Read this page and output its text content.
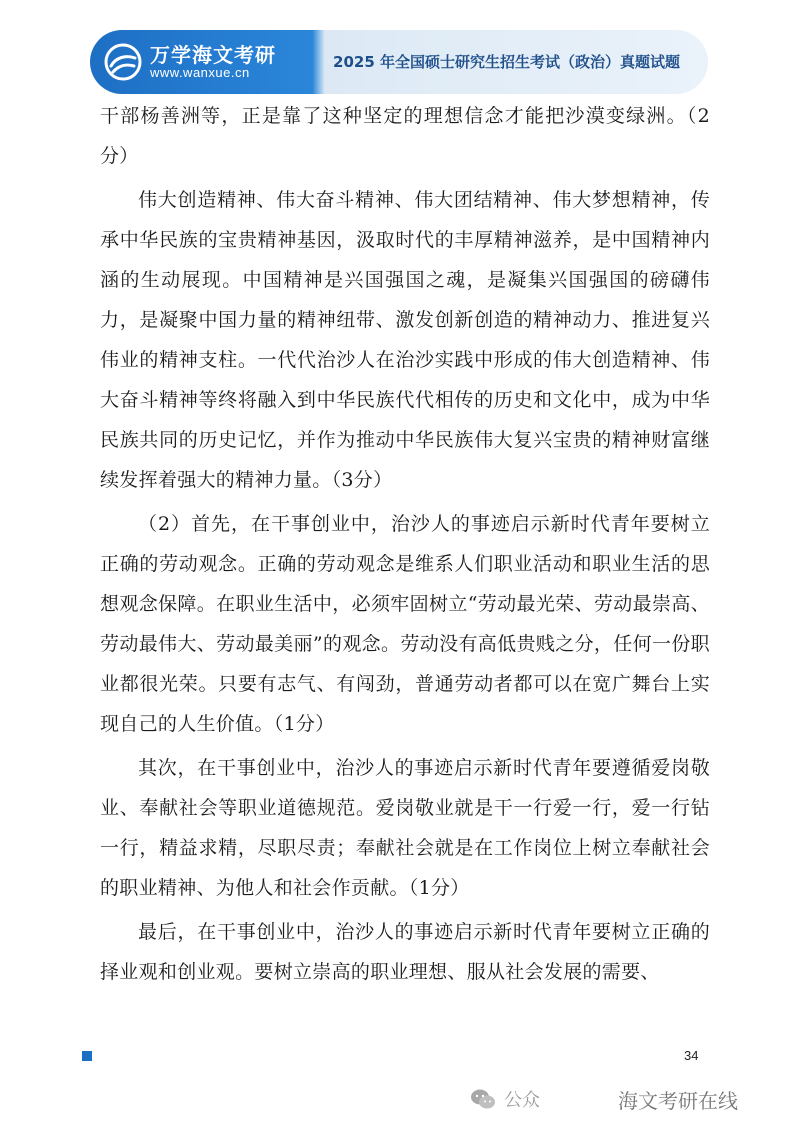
万学海文考研
www.wanxue.cn
2025 年全国硕士研究生招生考试（政治）真题试题

干部杨善洲等，正是靠了这种坚定的理想信念才能把沙漠变绿洲。（2分）

伟大创造精神、伟大奋斗精神、伟大团结精神、伟大梦想精神，传承中华民族的宝贵精神基因，汲取时代的丰厚精神滋养，是中国精神内涵的生动展现。中国精神是兴国强国之魂，是凝集兴国强国的磅礴伟力，是凝聚中国力量的精神纽带、激发创新创造的精神动力、推进复兴伟业的精神支柱。一代代治沙人在治沙实践中形成的伟大创造精神、伟大奋斗精神等终将融入到中华民族代代相传的历史和文化中，成为中华民族共同的历史记忆，并作为推动中华民族伟大复兴宝贵的精神财富继续发挥着强大的精神力量。（3分）

（2）首先，在干事创业中，治沙人的事迹启示新时代青年要树立正确的劳动观念。正确的劳动观念是维系人们职业活动和职业生活的思想观念保障。在职业生活中，必须牢固树立“劳动最光荣、劳动最崇高、劳动最伟大、劳动最美丽”的观念。劳动没有高低贵贱之分，任何一份职业都很光荣。只要有志气、有闯劲，普通劳动者都可以在宽广舞台上实现自己的人生价值。（1分）

其次，在干事创业中，治沙人的事迹启示新时代青年要遵循爱岗敬业、奉献社会等职业道德规范。爱岗敬业就是干一行爱一行，爱一行钻一行，精益求精，尽职尽责；奉献社会就是在工作岗位上树立奉献社会的职业精神、为他人和社会作贡献。（1分）

最后，在干事创业中，治沙人的事迹启示新时代青年要树立正确的择业观和创业观。要树立崇高的职业理想、服从社会发展的需要、

34
公众	海文考研在线
